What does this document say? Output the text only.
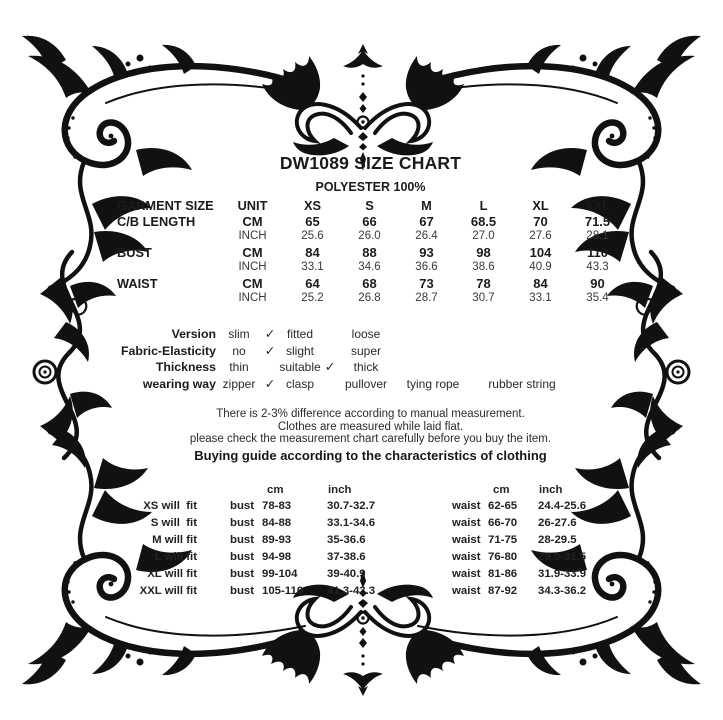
DW1089 SIZE CHART
POLYESTER 100%
GARMENT SIZE	UNIT	XS	S	M	L	XL	XXL
C/B LENGTH	CM	65	66	67	68.5	70	71.5
INCH	25.6	26.0	26.4	27.0	27.6	28.1
BUST	CM	84	88	93	98	104	110
INCH	33.1	34.6	36.6	38.6	40.9	43.3
WAIST	CM	64	68	73	78	84	90
INCH	25.2	26.8	28.7	30.7	33.1	35.4
Version	slim	✓ fitted	loose
Fabric-Elasticity	no	✓ slight	super
Thickness	thin	suitable ✓	thick
wearing way zipper ✓ clasp	pullover	tying rope	rubber string
There is 2-3% difference according to manual measurement.
Clothes are measured while laid flat.
please check the measurement chart carefully before you buy the item.
Buying guide according to the characteristics of clothing
cm	inch	cm	inch
XS will  fit	bust 78-83	30.7-32.7	waist 62-65	24.4-25.6
S will  fit	bust 84-88	33.1-34.6	waist 66-70	26-27.6
M will fit	bust 89-93	35-36.6	waist 71-75	28-29.5
L will fit	bust 94-98	37-38.6	waist 76-80	29.9-31.5
XL will fit	bust 99-104	39-40.9	waist 81-86	31.9-33.9
XXL will fit	bust 105-110	41.3-43.3	waist 87-92	34.3-36.2
